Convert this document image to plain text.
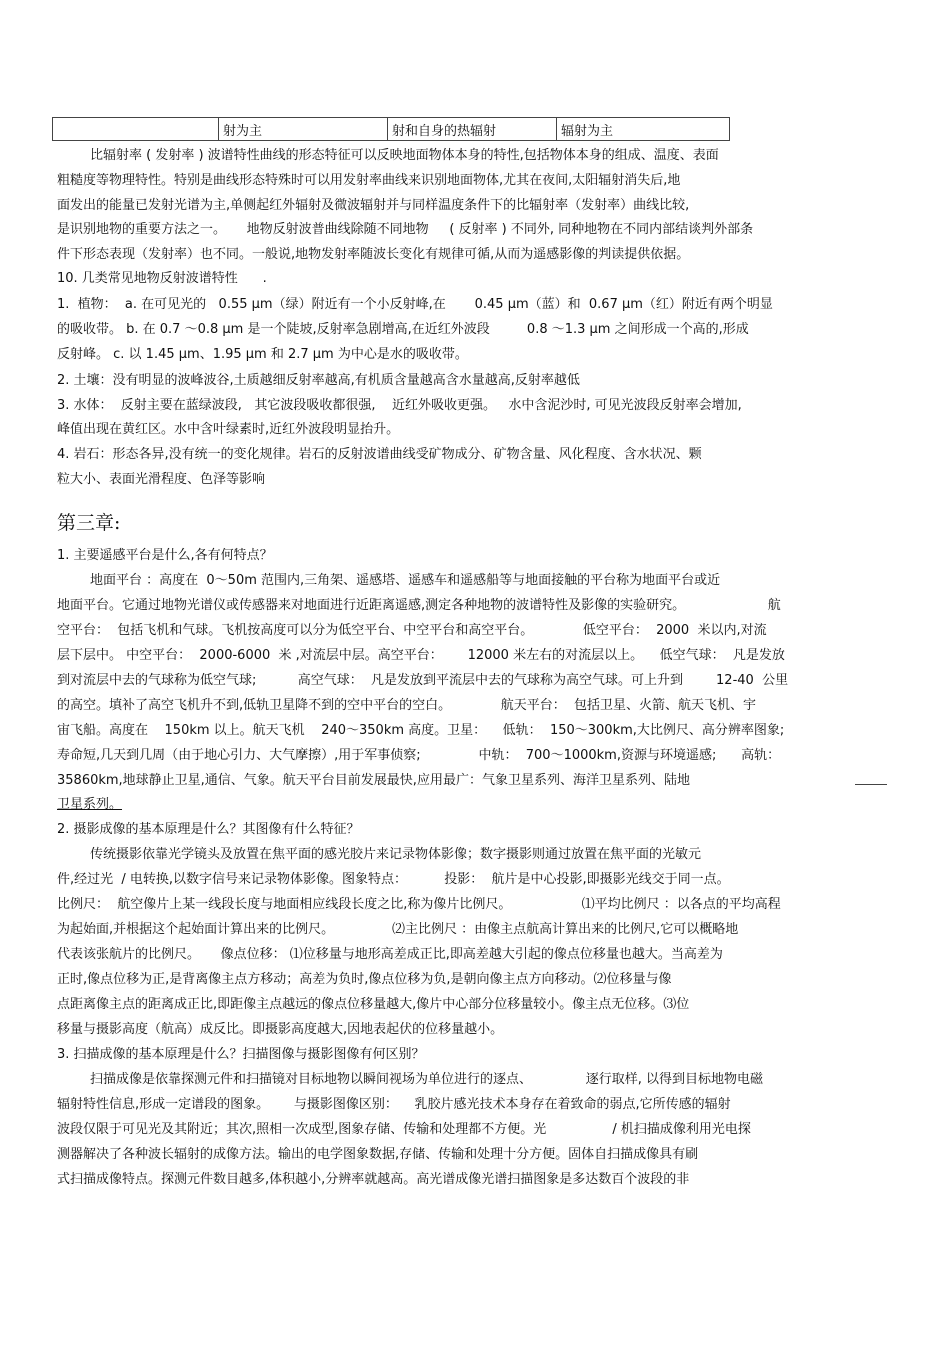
	射为主	射和自身的热辐射	辐射为主
比辐射率 ( 发射率 ) 波谱特性曲线的形态特征可以反映地面物体本身的特性,包括物体本身的组成、温度、表面
粗糙度等物理特性。特别是曲线形态特殊时可以用发射率曲线来识别地面物体,尤其在夜间,太阳辐射消失后,地
面发出的能量已发射光谱为主,单侧起红外辐射及微波辐射并与同样温度条件下的比辐射率（发射率）曲线比较,
是识别地物的重要方法之一。     地物反射波普曲线除随不同地物     ( 反射率 ) 不同外, 同种地物在不同内部结谈判外部条
件下形态表现（发射率）也不同。一般说,地物发射率随波长变化有规律可循,从而为遥感影像的判读提供依据。
10. 几类常见地物反射波谱特性      .
1.  植物：  a. 在可见光的   0.55 μm（绿）附近有一个小反射峰,在       0.45 μm（蓝）和  0.67 μm（红）附近有两个明显
的吸收带。 b. 在 0.7 ～0.8 μm 是一个陡坡,反射率急剧增高,在近红外波段         0.8 ～1.3 μm 之间形成一个高的,形成
反射峰。 c. 以 1.45 μm、1.95 μm 和 2.7 μm 为中心是水的吸收带。
2. 土壤：没有明显的波峰波谷,土质越细反射率越高,有机质含量越高含水量越高,反射率越低
3. 水体：  反射主要在蓝绿波段,   其它波段吸收都很强,    近红外吸收更强。   水中含泥沙时, 可见光波段反射率会增加,
峰值出现在黄红区。水中含叶绿素时,近红外波段明显抬升。
4. 岩石：形态各异,没有统一的变化规律。岩石的反射波谱曲线受矿物成分、矿物含量、风化程度、含水状况、颗
粒大小、表面光滑程度、色泽等影响
第三章:
1. 主要遥感平台是什么,各有何特点？
地面平台 ：高度在  0～50m 范围内,三角架、遥感塔、遥感车和遥感船等与地面接触的平台称为地面平台或近
地面平台。它通过地物光谱仪或传感器来对地面进行近距离遥感,测定各种地物的波谱特性及影像的实验研究。                    航
空平台：  包括飞机和气球。飞机按高度可以分为低空平台、中空平台和高空平台。            低空平台：  2000  米以内,对流
层下层中。 中空平台：  2000-6000  米 ,对流层中层。高空平台：      12000 米左右的对流层以上。    低空气球：  凡是发放
到对流层中去的气球称为低空气球;          高空气球：  凡是发放到平流层中去的气球称为高空气球。可上升到        12-40  公里
的高空。填补了高空飞机升不到,低轨卫星降不到的空中平台的空白。            航天平台：  包括卫星、火箭、航天飞机、宇
宙飞船。高度在    150km 以上。航天飞机    240～350km 高度。卫星：    低轨：  150～300km,大比例尺、高分辨率图象;
寿命短,几天到几周（由于地心引力、大气摩擦）,用于军事侦察;              中轨：  700～1000km,资源与环境遥感;      高轨：
35860km,地球静止卫星,通信、气象。航天平台目前发展最快,应用最广：气象卫星系列、海洋卫星系列、陆地
卫星系列。
2. 摄影成像的基本原理是什么？其图像有什么特征？
传统摄影依靠光学镜头及放置在焦平面的感光胶片来记录物体影像；数字摄影则通过放置在焦平面的光敏元
件,经过光  / 电转换,以数字信号来记录物体影像。图象特点：         投影：  航片是中心投影,即摄影光线交于同一点。
比例尺：  航空像片上某一线段长度与地面相应线段长度之比,称为像片比例尺。                 ⑴平均比例尺 ：以各点的平均高程
为起始面,并根据这个起始面计算出来的比例尺。              ⑵主比例尺 ：由像主点航高计算出来的比例尺,它可以概略地
代表该张航片的比例尺。     像点位移： ⑴位移量与地形高差成正比,即高差越大引起的像点位移量也越大。当高差为
正时,像点位移为正,是背离像主点方移动；高差为负时,像点位移为负,是朝向像主点方向移动。⑵位移量与像
点距离像主点的距离成正比,即距像主点越远的像点位移量越大,像片中心部分位移量较小。像主点无位移。⑶位
移量与摄影高度（航高）成反比。即摄影高度越大,因地表起伏的位移量越小。
3. 扫描成像的基本原理是什么？扫描图像与摄影图像有何区别？
扫描成像是依靠探测元件和扫描镜对目标地物以瞬间视场为单位进行的逐点、             逐行取样, 以得到目标地物电磁
辐射特性信息,形成一定谱段的图象。      与摄影图像区别：    乳胶片感光技术本身存在着致命的弱点,它所传感的辐射
波段仅限于可见光及其附近；其次,照相一次成型,图象存储、传输和处理都不方便。光                / 机扫描成像利用光电探
测器解决了各种波长辐射的成像方法。输出的电学图象数据,存储、传输和处理十分方便。固体自扫描成像具有刷
式扫描成像特点。探测元件数目越多,体积越小,分辨率就越高。高光谱成像光谱扫描图象是多达数百个波段的非
